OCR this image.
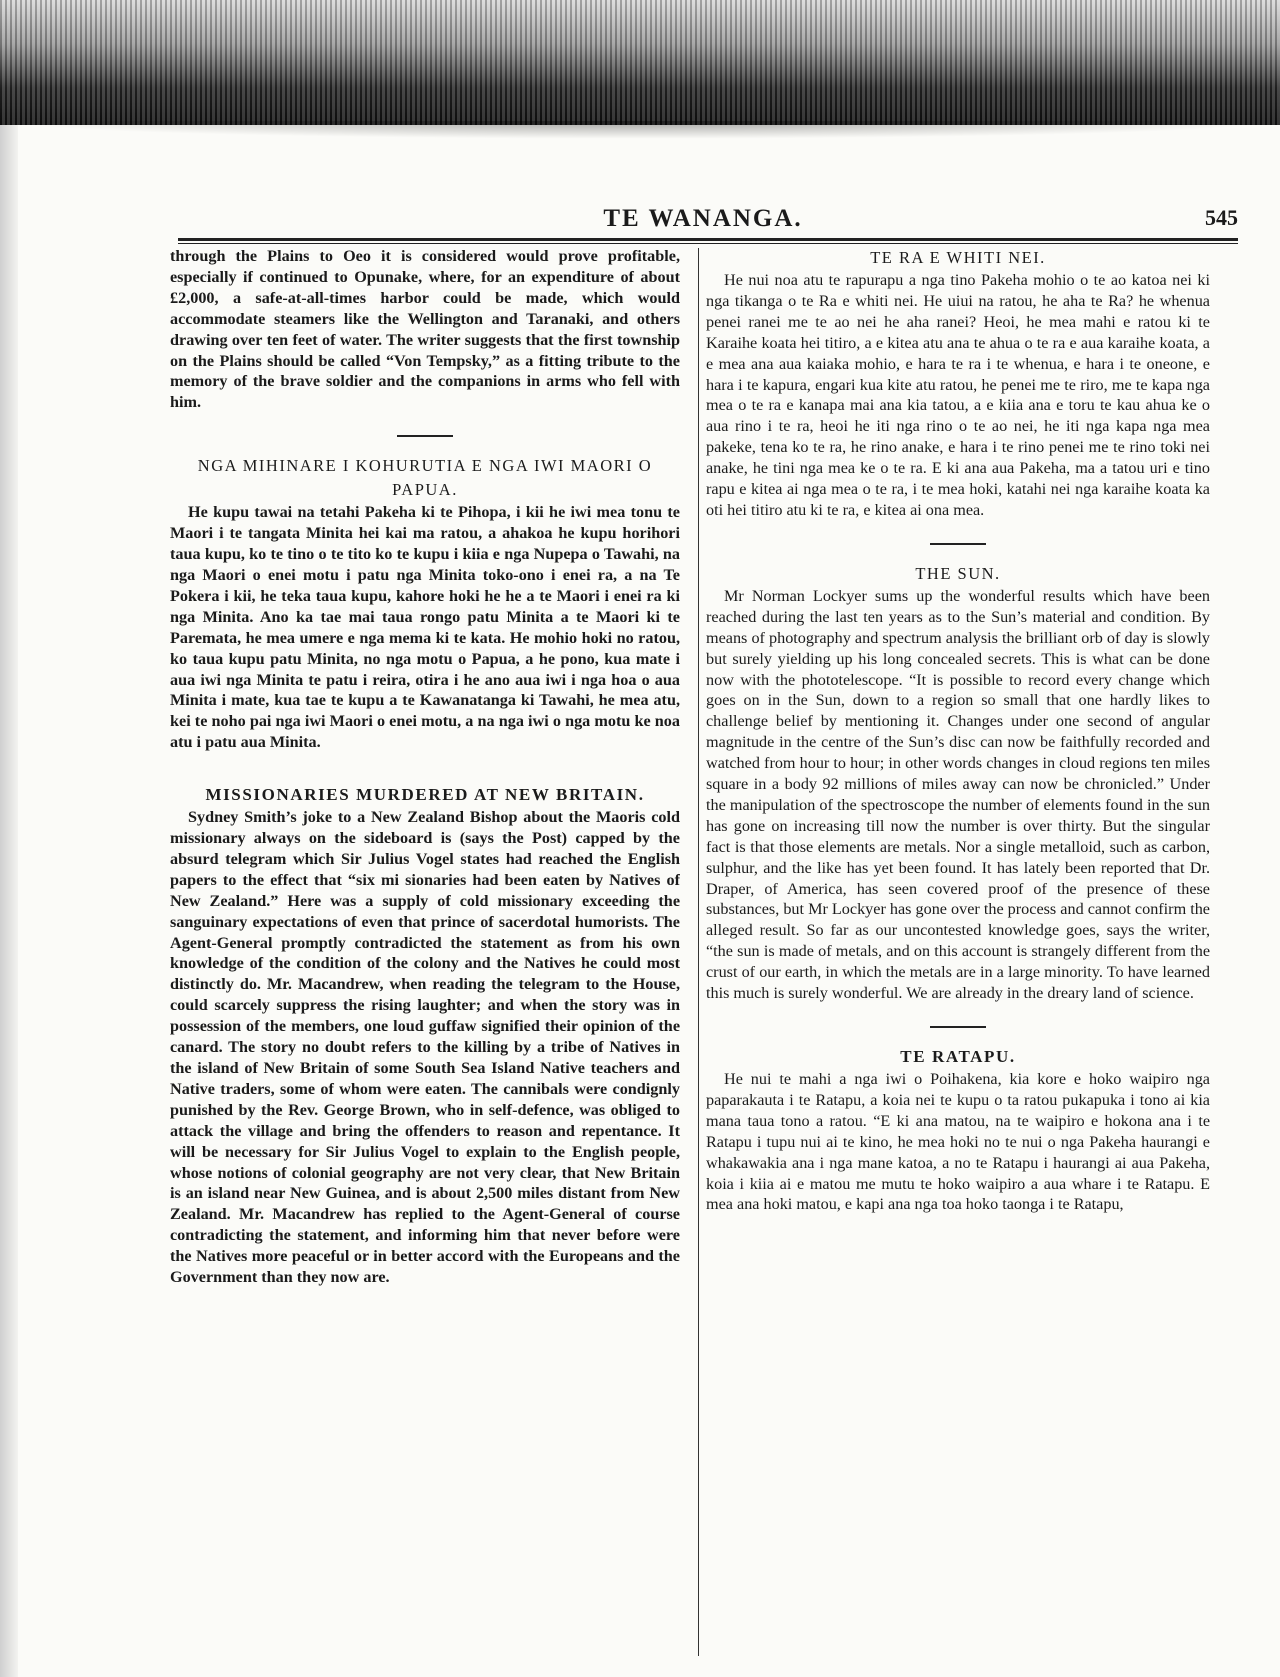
TE WANANGA.	545

through the Plains to Oeo it is considered would prove profitable, especially if continued to Opunake, where, for an expenditure of about £2,000, a safe-at-all-times harbor could be made, which would accommodate steamers like the Wellington and Taranaki, and others drawing over ten feet of water. The writer suggests that the first township on the Plains should be called “Von Tempsky,” as a fitting tribute to the memory of the brave soldier and the companions in arms who fell with him.

NGA MIHINARE I KOHURUTIA E NGA IWI MAORI O PAPUA.

He kupu tawai na tetahi Pakeha ki te Pihopa, i kii he iwi mea tonu te Maori i te tangata Minita hei kai ma ratou, a ahakoa he kupu horihori taua kupu, ko te tino o te tito ko te kupu i kiia e nga Nupepa o Tawahi, na nga Maori o enei motu i patu nga Minita toko-ono i enei ra, a na Te Pokera i kii, he teka taua kupu, kahore hoki he he a te Maori i enei ra ki nga Minita. Ano ka tae mai taua rongo patu Minita a te Maori ki te Paremata, he mea umere e nga mema ki te kata. He mohio hoki no ratou, ko taua kupu patu Minita, no nga motu o Papua, a he pono, kua mate i aua iwi nga Minita te patu i reira, otira i he ano aua iwi i nga hoa o aua Minita i mate, kua tae te kupu a te Kawanatanga ki Tawahi, he mea atu, kei te noho pai nga iwi Maori o enei motu, a na nga iwi o nga motu ke noa atu i patu aua Minita.

MISSIONARIES MURDERED AT NEW BRITAIN.

Sydney Smith’s joke to a New Zealand Bishop about the Maoris cold missionary always on the sideboard is (says the Post) capped by the absurd telegram which Sir Julius Vogel states had reached the English papers to the effect that “six mi sionaries had been eaten by Natives of New Zealand.” Here was a supply of cold missionary exceeding the sanguinary expectations of even that prince of sacerdotal humorists. The Agent-General promptly contradicted the statement as from his own knowledge of the condition of the colony and the Natives he could most distinctly do. Mr. Macandrew, when reading the telegram to the House, could scarcely suppress the rising laughter; and when the story was in possession of the members, one loud guffaw signified their opinion of the canard. The story no doubt refers to the killing by a tribe of Natives in the island of New Britain of some South Sea Island Native teachers and Native traders, some of whom were eaten. The cannibals were condignly punished by the Rev. George Brown, who in self-defence, was obliged to attack the village and bring the offenders to reason and repentance. It will be necessary for Sir Julius Vogel to explain to the English people, whose notions of colonial geography are not very clear, that New Britain is an island near New Guinea, and is about 2,500 miles distant from New Zealand. Mr. Macandrew has replied to the Agent-General of course contradicting the statement, and informing him that never before were the Natives more peaceful or in better accord with the Europeans and the Government than they now are.

TE RA E WHITI NEI.

He nui noa atu te rapurapu a nga tino Pakeha mohio o te ao katoa nei ki nga tikanga o te Ra e whiti nei. He uiui na ratou, he aha te Ra? he whenua penei ranei me te ao nei he aha ranei? Heoi, he mea mahi e ratou ki te Karaihe koata hei titiro, a e kitea atu ana te ahua o te ra e aua karaihe koata, a e mea ana aua kaiaka mohio, e hara te ra i te whenua, e hara i te oneone, e hara i te kapura, engari kua kite atu ratou, he penei me te riro, me te kapa nga mea o te ra e kanapa mai ana kia tatou, a e kiia ana e toru te kau ahua ke o aua rino i te ra, heoi he iti nga rino o te ao nei, he iti nga kapa nga mea pakeke, tena ko te ra, he rino anake, e hara i te rino penei me te rino toki nei anake, he tini nga mea ke o te ra. E ki ana aua Pakeha, ma a tatou uri e tino rapu e kitea ai nga mea o te ra, i te mea hoki, katahi nei nga karaihe koata ka oti hei titiro atu ki te ra, e kitea ai ona mea.

THE SUN.

Mr Norman Lockyer sums up the wonderful results which have been reached during the last ten years as to the Sun’s material and condition. By means of photography and spectrum analysis the brilliant orb of day is slowly but surely yielding up his long concealed secrets. This is what can be done now with the phototelescope. “It is possible to record every change which goes on in the Sun, down to a region so small that one hardly likes to challenge belief by mentioning it. Changes under one second of angular magnitude in the centre of the Sun’s disc can now be faithfully recorded and watched from hour to hour; in other words changes in cloud regions ten miles square in a body 92 millions of miles away can now be chronicled.” Under the manipulation of the spectroscope the number of elements found in the sun has gone on increasing till now the number is over thirty. But the singular fact is that those elements are metals. Nor a single metalloid, such as carbon, sulphur, and the like has yet been found. It has lately been reported that Dr. Draper, of America, has seen covered proof of the presence of these substances, but Mr Lockyer has gone over the process and cannot confirm the alleged result. So far as our uncontested knowledge goes, says the writer, “the sun is made of metals, and on this account is strangely different from the crust of our earth, in which the metals are in a large minority. To have learned this much is surely wonderful. We are already in the dreary land of science.

TE RATAPU.

He nui te mahi a nga iwi o Poihakena, kia kore e hoko waipiro nga paparakauta i te Ratapu, a koia nei te kupu o ta ratou pukapuka i tono ai kia mana taua tono a ratou. “E ki ana matou, na te waipiro e hokona ana i te Ratapu i tupu nui ai te kino, he mea hoki no te nui o nga Pakeha haurangi e whakawakia ana i nga mane katoa, a no te Ratapu i haurangi ai aua Pakeha, koia i kiia ai e matou me mutu te hoko waipiro a aua whare i te Ratapu. E mea ana hoki matou, e kapi ana nga toa hoko taonga i te Ratapu,
